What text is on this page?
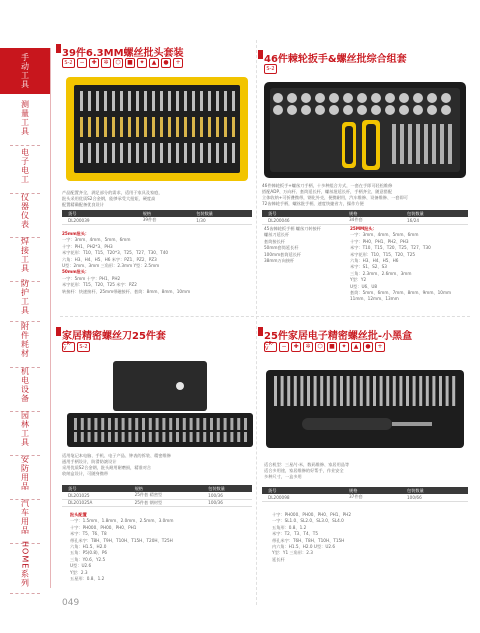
手动工具
测量工具
电子电工
仪器仪表
焊接工具
防护工具
附件耗材
机电设备
园林工具
安防用品
汽车用品
HOME系列
39件6.3MM螺丝批头套装
S-2	−	✚	✲	⬡	■	✦	▲	●	+
产品配置齐全，满足部分的需求，适用于家具及家庭，
批头采用优质S2合金钢，能够承受大扭矩，硬度高
配置精确配备优良设计
货号	规格	包装数量
DL200039	39件套	1/30
25mm批头：
一字：3mm、4mm、5mm、6mm
十字：PH1、PH2*3、PH3
米字花形：T10、T15、T20*3、T25、T27、T30、T40
六角：H3、H4、H5、H6 米字：PZ1、PZ2、PZ3
U型：2mm、3mm 三角形：2.3mm Y型：2.5mm
50mm批头：
一字：5mm 十字：PH1、PH2
米字花形：T15、T20、T25 米字：PZ2
转接杆：快速接杆、25mm带磁接杆、套筒：8mm、8mm、10mm
46件棘轮扳手&螺丝批综合组套
S-2
46件棘轮扳手+螺丝刀手柄，十多种组合方式，一套在手即可轻松维修
搭配ADP、万向杆、套筒延长杆，螺丝批延长杆，手柄齐全，随意搭配
立体收纳+可折叠携带，钢化外壳，便携耐用，汽车维修、设备维修、一套即可
72齿棘轮手柄，螺丝批手柄，速度快捷省力，操作方便
货号	规格	包装数量
DL200046	34件套	16/24
45齿棘轮扳手柄 螺丝刀转接杆
螺丝刀延长杆
套筒接长杆
50mm套筒延长杆
100mm套筒延长杆
38mm万向接杆
25MM批头：
一字：3mm、4mm、5mm、6mm
十字：PH0、PH1、PH2、PH3
米字：T10、T15、T20、T25、T27、T30
米字花形：T10、T15、T20、T25
六角：H3、H4、H5、H6
米字：S1、S2、S3
三角：2.3mm、2.6mm、3mm
Y型：Y2
U型：U6、U8
套筒：5mm、6mm、7mm、8mm、9mm、10mm
11mm、12mm、13mm
家居精密螺丝刀25件套
CR-V	S-2
适用笔记本电脑、手机、电子产品、钟表的拆装、精密维修
通用手柄设计，防滑防滚设计
采用优质S2合金钢，批头耐用耐磨损，精准对合
收纳盒设计，可随身携带
货号	规格	包装数量
DL201025	25件套 精密型	100/36
DL201025A	25件套 钢材型	100/36
批头配置
一字：1.5mm、1.8mm、2.0mm、2.5mm、3.0mm
十字：PH000、PH00、PH0、PH1
米字：T5、T6、T8
带孔米字：T8H、T9H、T10H、T15H、T20H、T25H
六角：H1.5、H2.0
五角：P5(0.8)、P6
三角：Y0.6、Y2.5
U型：U2.6
Y型：2.3
五星形：0.8、1.2
25件家居电子精密螺丝批-小黑盒
CR-V	−	✚	✲	⬡	■	✦	▲	●	+
适合机型：三星/小米，数码维修、家居用品等
适合多用途，家居维修的好帮手，作业安全
多种尺寸，一盒多用
货号	规格	包装数量
DL200098	37件套	100/66
十字：PH000、PH00、PH0、PH1、PH2
一字：SL1.0、SL2.0、SL3.0、SL4.0
五角形：0.8、1.2
米字：T2、T3、T4、T5
带孔米字：T6H、T8H、T10H、T15H
内六角：H1.5、H2.0 U型：U2.6
Y型：Y1 三角形：2.3
延长杆
049
